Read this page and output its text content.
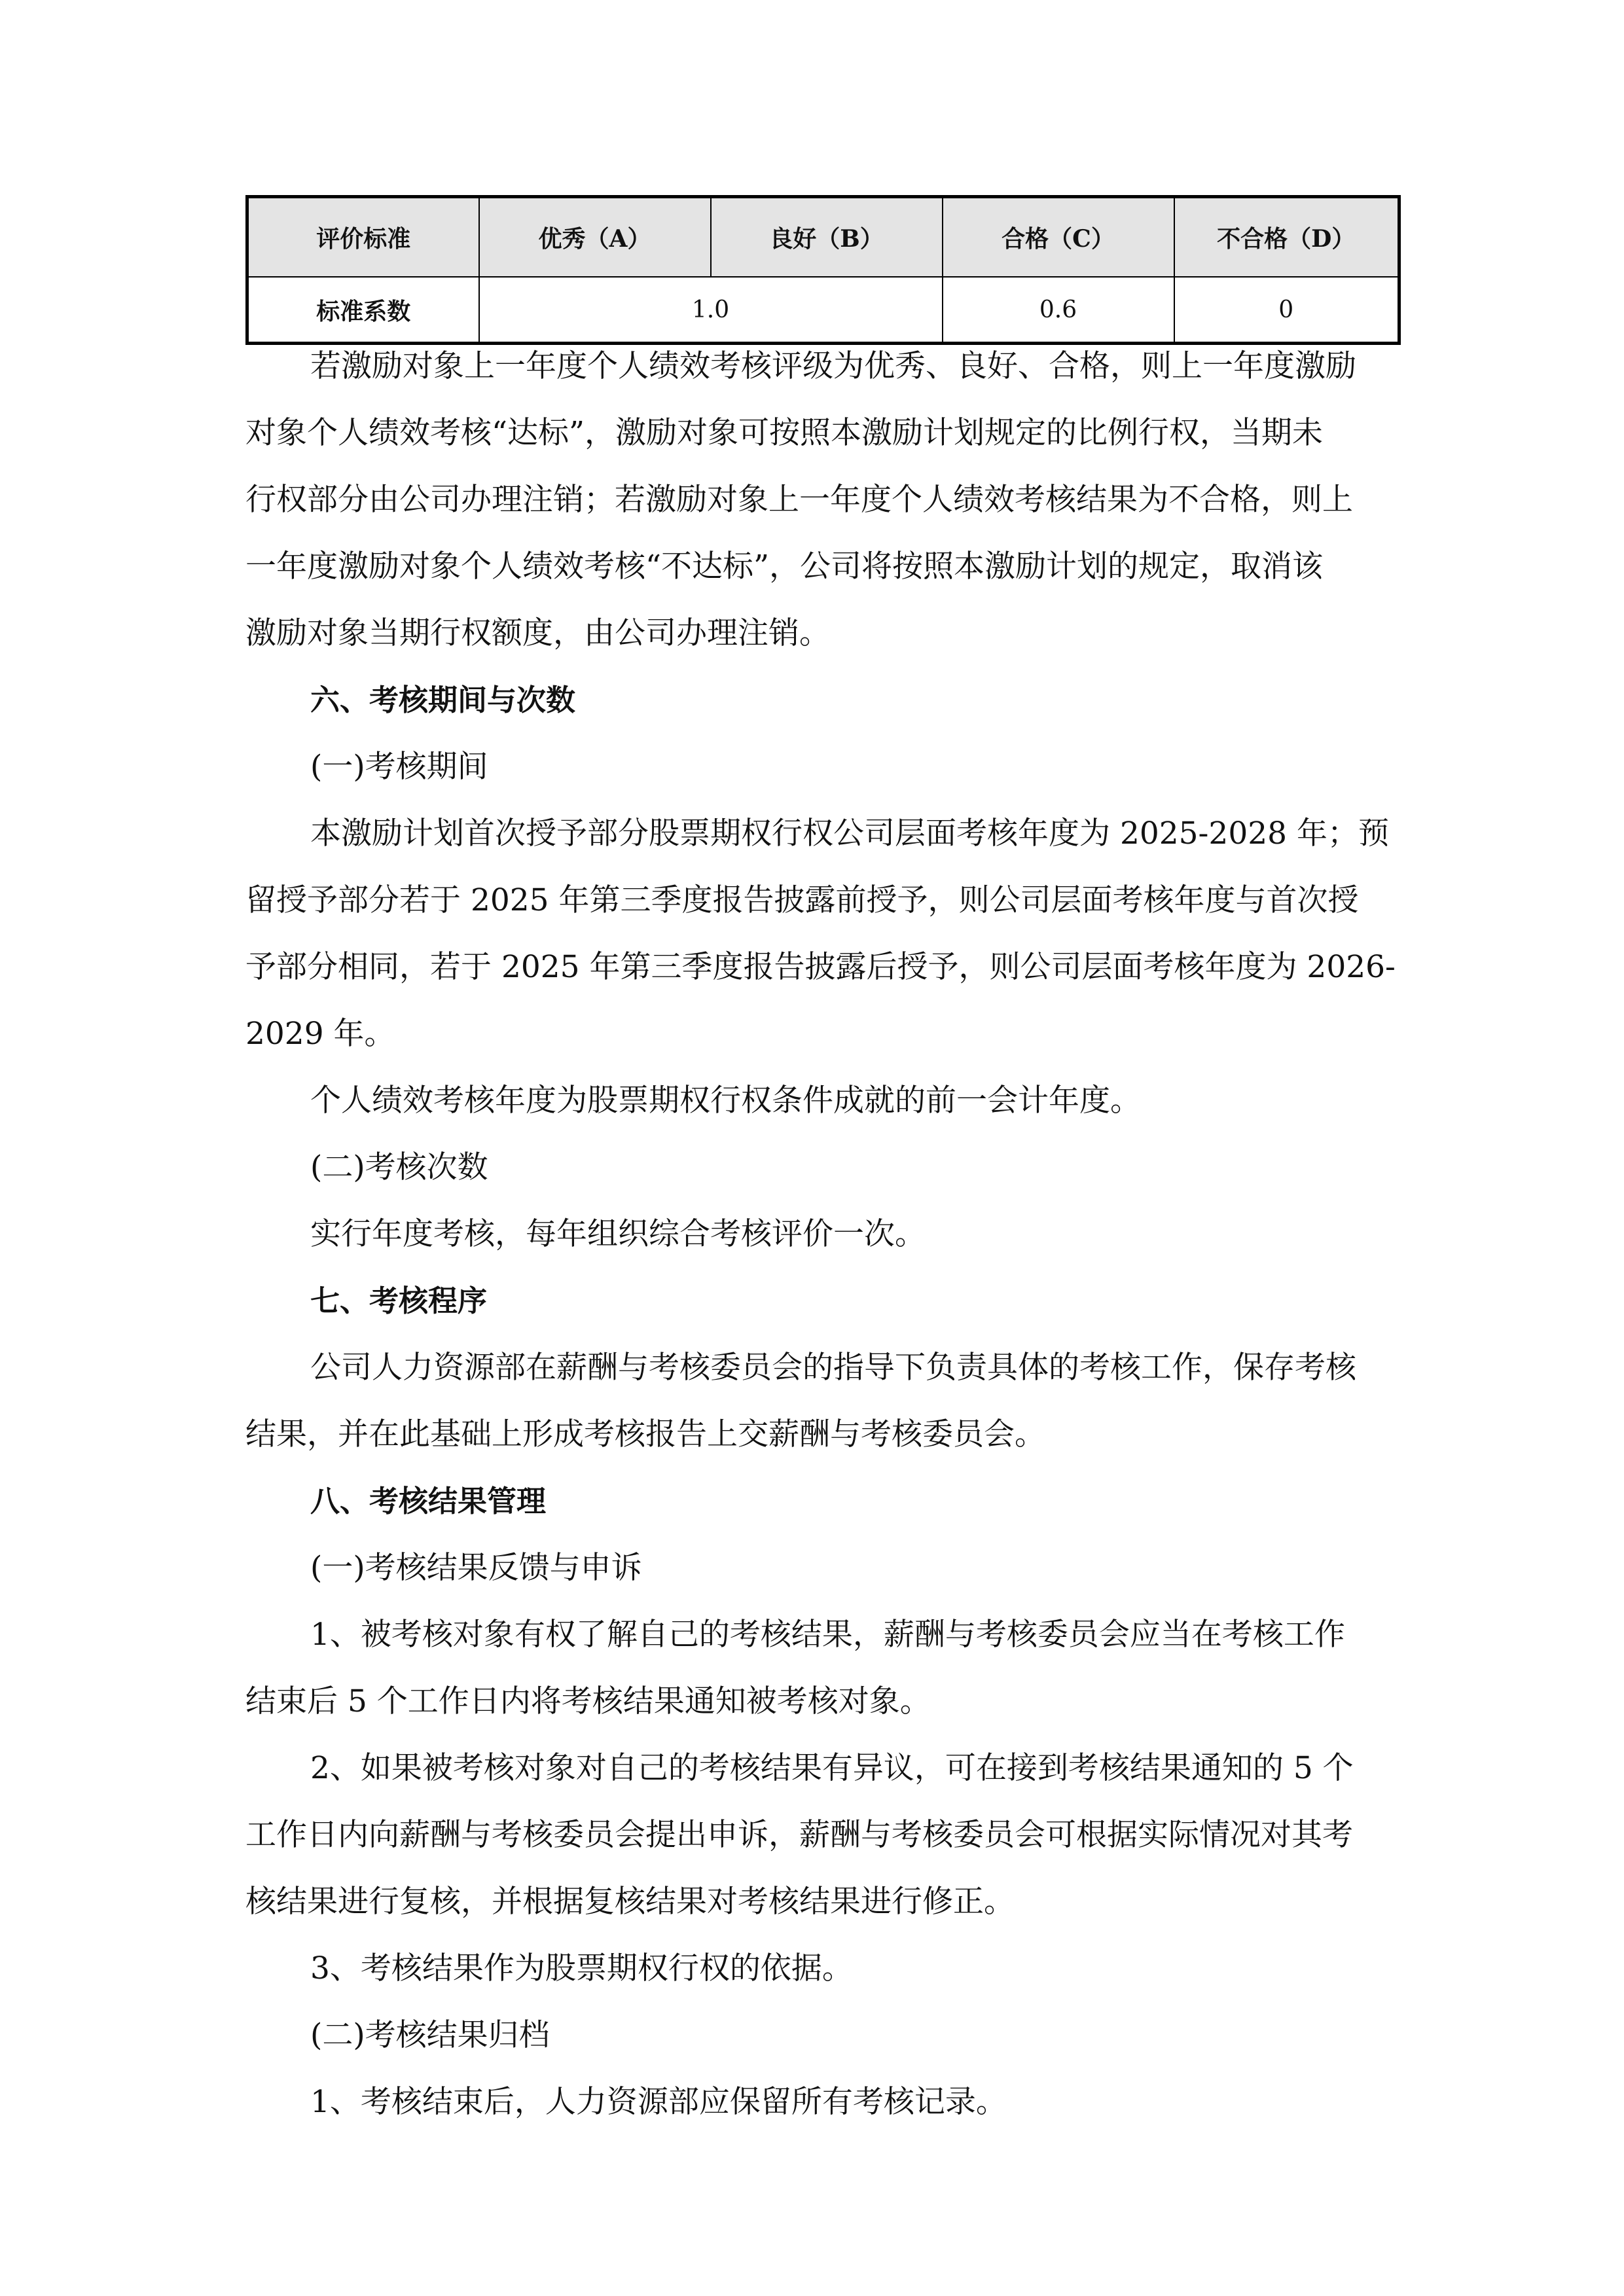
评价标准	优秀（A）	良好（B）	合格（C）	不合格（D）
标准系数	1.0		0.6	0
若激励对象上一年度个人绩效考核评级为优秀、良好、合格，则上一年度激励
对象个人绩效考核“达标”，激励对象可按照本激励计划规定的比例行权，当期未
行权部分由公司办理注销；若激励对象上一年度个人绩效考核结果为不合格，则上
一年度激励对象个人绩效考核“不达标”，公司将按照本激励计划的规定，取消该
激励对象当期行权额度，由公司办理注销。
六、考核期间与次数
(一)考核期间
本激励计划首次授予部分股票期权行权公司层面考核年度为 2025-2028 年；预
留授予部分若于 2025 年第三季度报告披露前授予，则公司层面考核年度与首次授
予部分相同，若于 2025 年第三季度报告披露后授予，则公司层面考核年度为 2026-
2029 年。
个人绩效考核年度为股票期权行权条件成就的前一会计年度。
(二)考核次数
实行年度考核，每年组织综合考核评价一次。
七、考核程序
公司人力资源部在薪酬与考核委员会的指导下负责具体的考核工作，保存考核
结果，并在此基础上形成考核报告上交薪酬与考核委员会。
八、考核结果管理
(一)考核结果反馈与申诉
1、被考核对象有权了解自己的考核结果，薪酬与考核委员会应当在考核工作
结束后 5 个工作日内将考核结果通知被考核对象。
2、如果被考核对象对自己的考核结果有异议，可在接到考核结果通知的 5 个
工作日内向薪酬与考核委员会提出申诉，薪酬与考核委员会可根据实际情况对其考
核结果进行复核，并根据复核结果对考核结果进行修正。
3、考核结果作为股票期权行权的依据。
(二)考核结果归档
1、考核结束后，人力资源部应保留所有考核记录。
